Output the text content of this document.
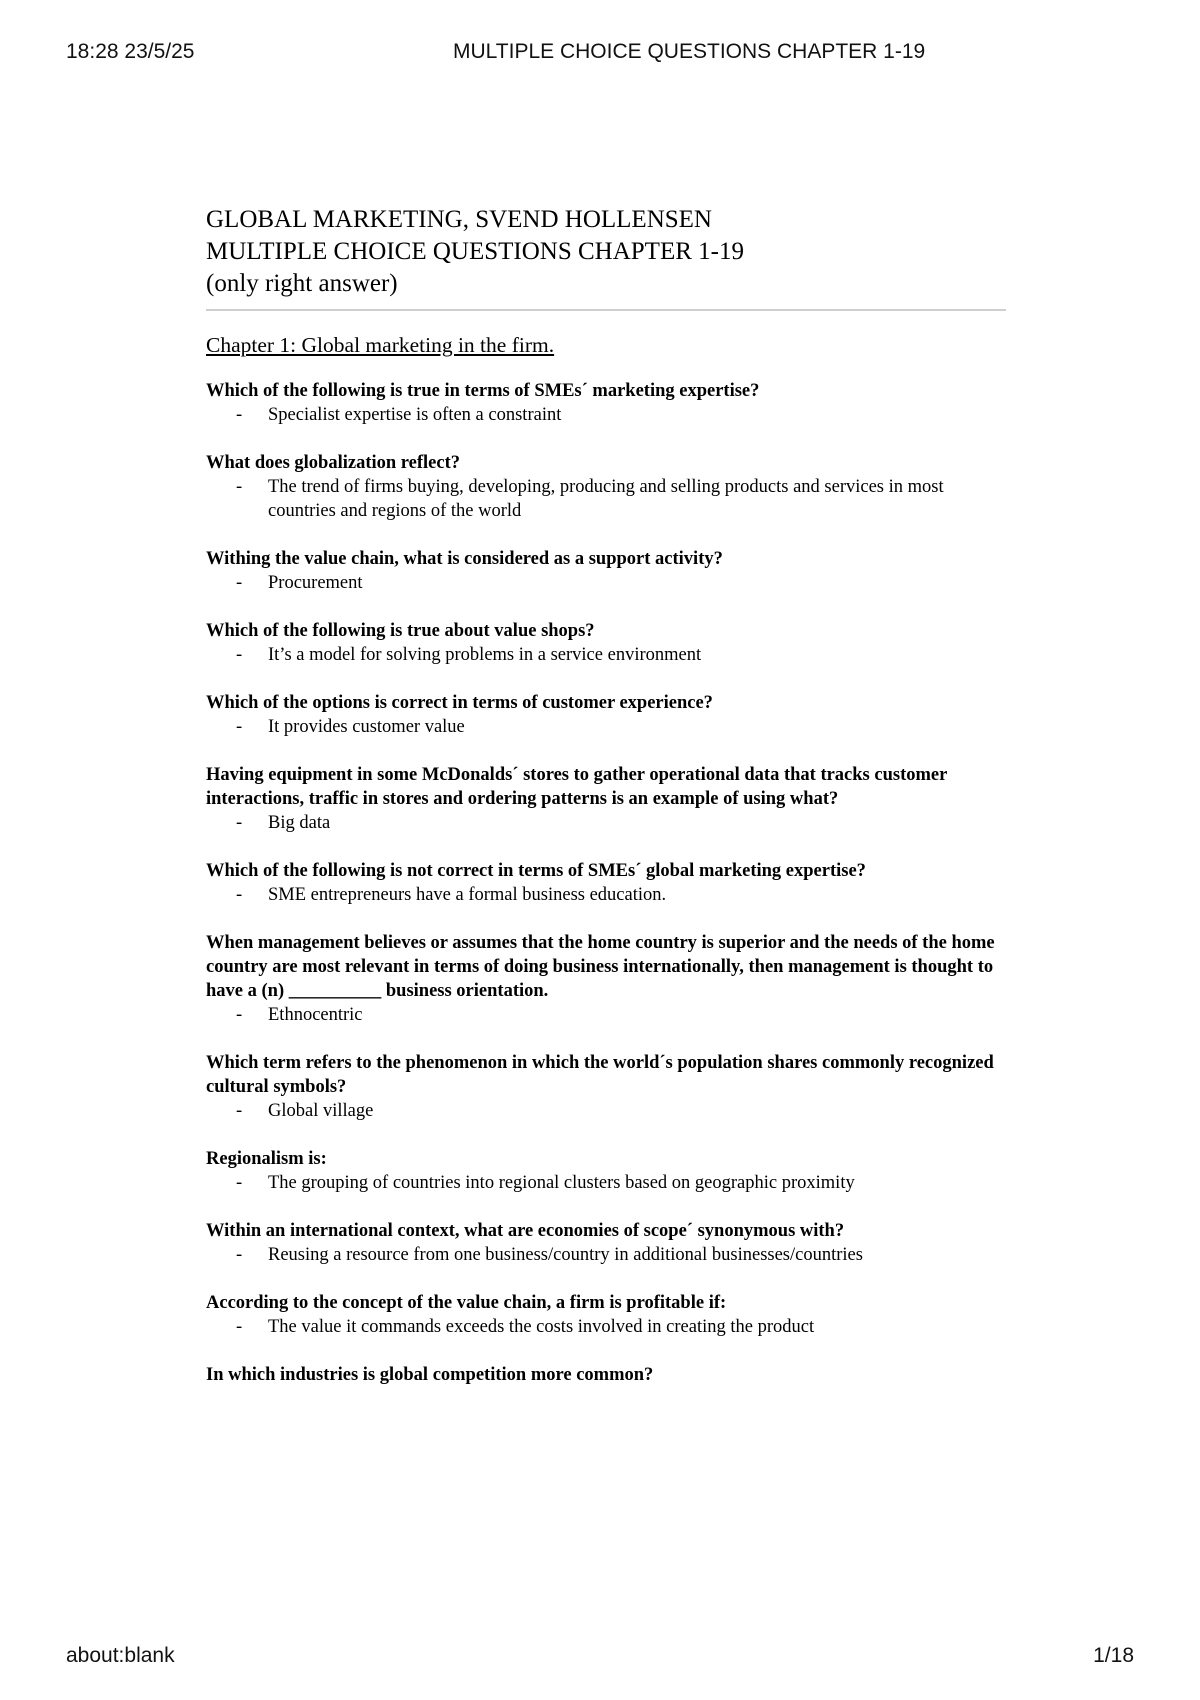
18:28 23/5/25	MULTIPLE CHOICE QUESTIONS CHAPTER 1-19
GLOBAL MARKETING, SVEND HOLLENSEN
MULTIPLE CHOICE QUESTIONS CHAPTER 1-19
(only right answer)
Chapter 1: Global marketing in the firm.
Which of the following is true in terms of SMEs´ marketing expertise?
- Specialist expertise is often a constraint
What does globalization reflect?
- The trend of firms buying, developing, producing and selling products and services in most countries and regions of the world
Withing the value chain, what is considered as a support activity?
- Procurement
Which of the following is true about value shops?
- It’s a model for solving problems in a service environment
Which of the options is correct in terms of customer experience?
- It provides customer value
Having equipment in some McDonalds´ stores to gather operational data that tracks customer interactions, traffic in stores and ordering patterns is an example of using what?
- Big data
Which of the following is not correct in terms of SMEs´ global marketing expertise?
- SME entrepreneurs have a formal business education.
When management believes or assumes that the home country is superior and the needs of the home country are most relevant in terms of doing business internationally, then management is thought to have a (n) __________ business orientation.
- Ethnocentric
Which term refers to the phenomenon in which the world´s population shares commonly recognized cultural symbols?
- Global village
Regionalism is:
- The grouping of countries into regional clusters based on geographic proximity
Within an international context, what are economies of scope´ synonymous with?
- Reusing a resource from one business/country in additional businesses/countries
According to the concept of the value chain, a firm is profitable if:
- The value it commands exceeds the costs involved in creating the product
In which industries is global competition more common?
about:blank	1/18
